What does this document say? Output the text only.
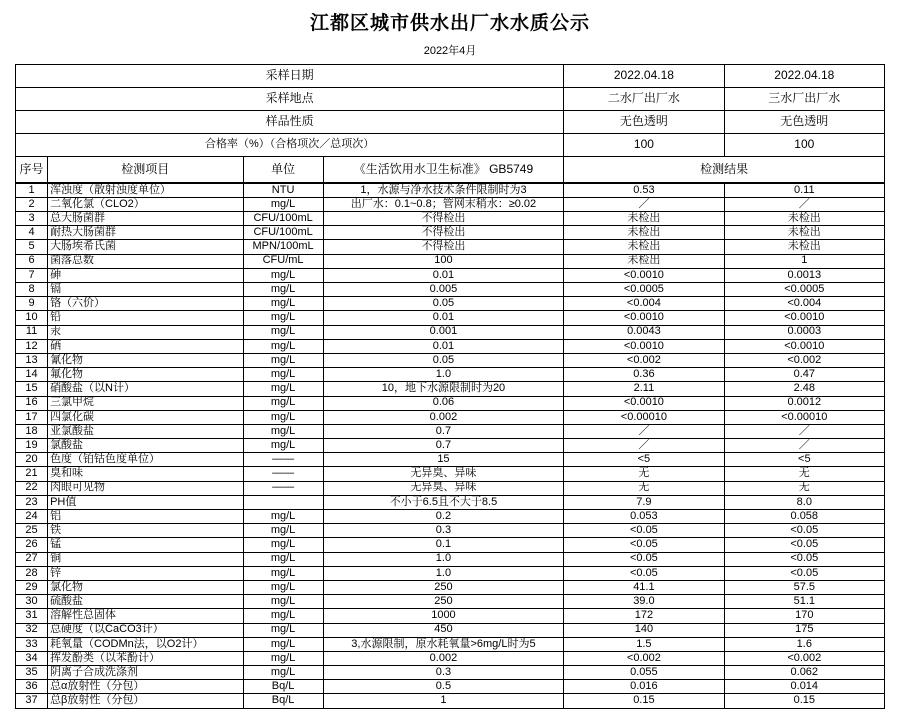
江都区城市供水出厂水水质公示
2022年4月
采样日期				2022.04.18	2022.04.18
采样地点				二水厂出厂水	三水厂出厂水
样品性质				无色透明	无色透明
合格率（%）（合格项次／总项次）				100	100
序号	检测项目	单位	《生活饮用水卫生标准》 GB5749	检测结果	
1	浑浊度（散射浊度单位）	NTU	1，水源与净水技术条件限制时为3	0.53	0.11
2	二氧化氯（CLO2）	mg/L	出厂水：0.1~0.8；管网末稍水：≥0.02	／	／
3	总大肠菌群	CFU/100mL	不得检出	未检出	未检出
4	耐热大肠菌群	CFU/100mL	不得检出	未检出	未检出
5	大肠埃希氏菌	MPN/100mL	不得检出	未检出	未检出
6	菌落总数	CFU/mL	100	未检出	1
7	砷	mg/L	0.01	<0.0010	0.0013
8	镉	mg/L	0.005	<0.0005	<0.0005
9	铬（六价）	mg/L	0.05	<0.004	<0.004
10	铅	mg/L	0.01	<0.0010	<0.0010
11	汞	mg/L	0.001	0.0043	0.0003
12	硒	mg/L	0.01	<0.0010	<0.0010
13	氰化物	mg/L	0.05	<0.002	<0.002
14	氟化物	mg/L	1.0	0.36	0.47
15	硝酸盐（以N计）	mg/L	10，地下水源限制时为20	2.11	2.48
16	三氯甲烷	mg/L	0.06	<0.0010	0.0012
17	四氯化碳	mg/L	0.002	<0.00010	<0.00010
18	亚氯酸盐	mg/L	0.7	／	／
19	氯酸盐	mg/L	0.7	／	／
20	色度（铂钴色度单位）	——	15	<5	<5
21	臭和味	——	无异臭、异味	无	无
22	肉眼可见物	——	无异臭、异味	无	无
23	PH值		不小于6.5且不大于8.5	7.9	8.0
24	铝	mg/L	0.2	0.053	0.058
25	铁	mg/L	0.3	<0.05	<0.05
26	锰	mg/L	0.1	<0.05	<0.05
27	铜	mg/L	1.0	<0.05	<0.05
28	锌	mg/L	1.0	<0.05	<0.05
29	氯化物	mg/L	250	41.1	57.5
30	硫酸盐	mg/L	250	39.0	51.1
31	溶解性总固体	mg/L	1000	172	170
32	总硬度（以CaCO3计）	mg/L	450	140	175
33	耗氧量（CODMn法，以O2计）	mg/L	3,水源限制，原水耗氧量>6mg/L时为5	1.5	1.6
34	挥发酚类（以苯酚计）	mg/L	0.002	<0.002	<0.002
35	阴离子合成洗涤剂	mg/L	0.3	0.055	0.062
36	总α放射性（分包）	Bq/L	0.5	0.016	0.014
37	总β放射性（分包）	Bq/L	1	0.15	0.15
